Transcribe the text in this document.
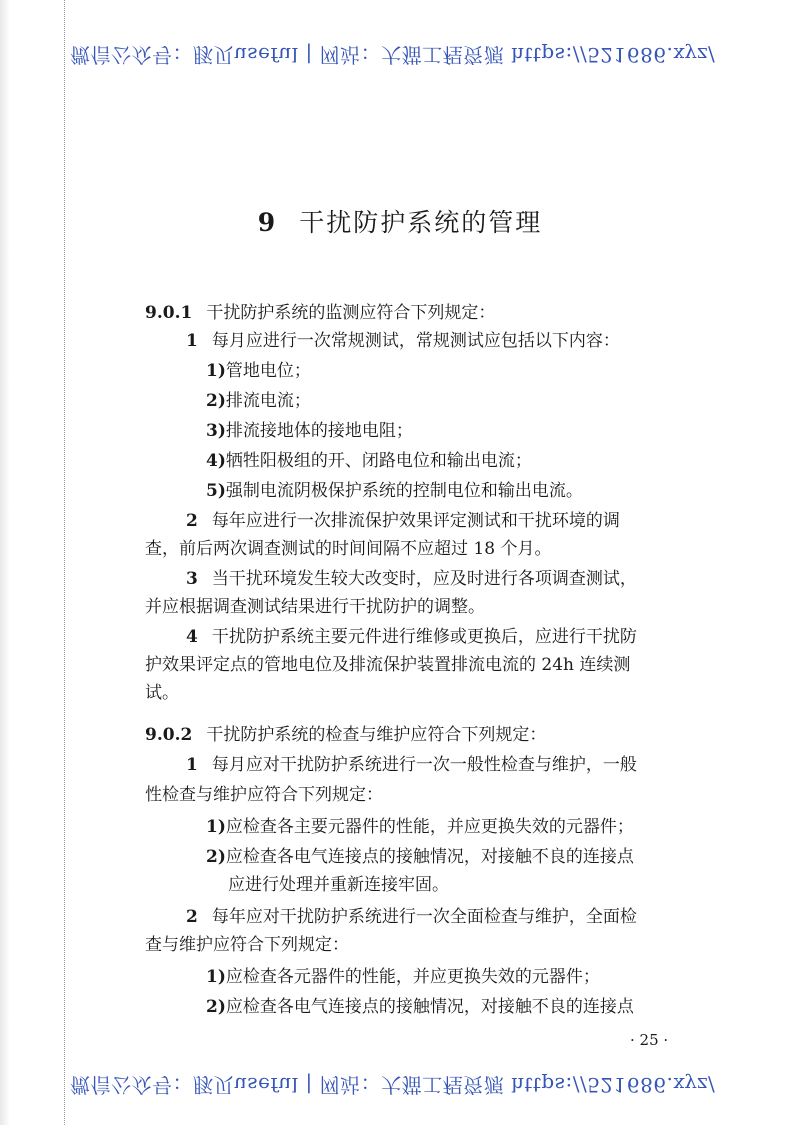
微信公众号：豚贝useful | 网站：大猫工程资源 https://521686.xyz/
9 干扰防护系统的管理
9.0.1 干扰防护系统的监测应符合下列规定：
1 每月应进行一次常规测试，常规测试应包括以下内容：
1)管地电位；
2)排流电流；
3)排流接地体的接地电阻；
4)牺牲阳极组的开、闭路电位和输出电流；
5)强制电流阴极保护系统的控制电位和输出电流。
2 每年应进行一次排流保护效果评定测试和干扰环境的调
查，前后两次调查测试的时间间隔不应超过 18 个月。
3 当干扰环境发生较大改变时，应及时进行各项调查测试，
并应根据调查测试结果进行干扰防护的调整。
4 干扰防护系统主要元件进行维修或更换后，应进行干扰防
护效果评定点的管地电位及排流保护装置排流电流的 24h 连续测
试。
9.0.2 干扰防护系统的检查与维护应符合下列规定：
1 每月应对干扰防护系统进行一次一般性检查与维护，一般
性检查与维护应符合下列规定：
1)应检查各主要元器件的性能，并应更换失效的元器件；
2)应检查各电气连接点的接触情况，对接触不良的连接点
应进行处理并重新连接牢固。
2 每年应对干扰防护系统进行一次全面检查与维护，全面检
查与维护应符合下列规定：
1)应检查各元器件的性能，并应更换失效的元器件；
2)应检查各电气连接点的接触情况，对接触不良的连接点
· 25 ·
微信公众号：豚贝useful | 网站：大猫工程资源 https://521686.xyz/
